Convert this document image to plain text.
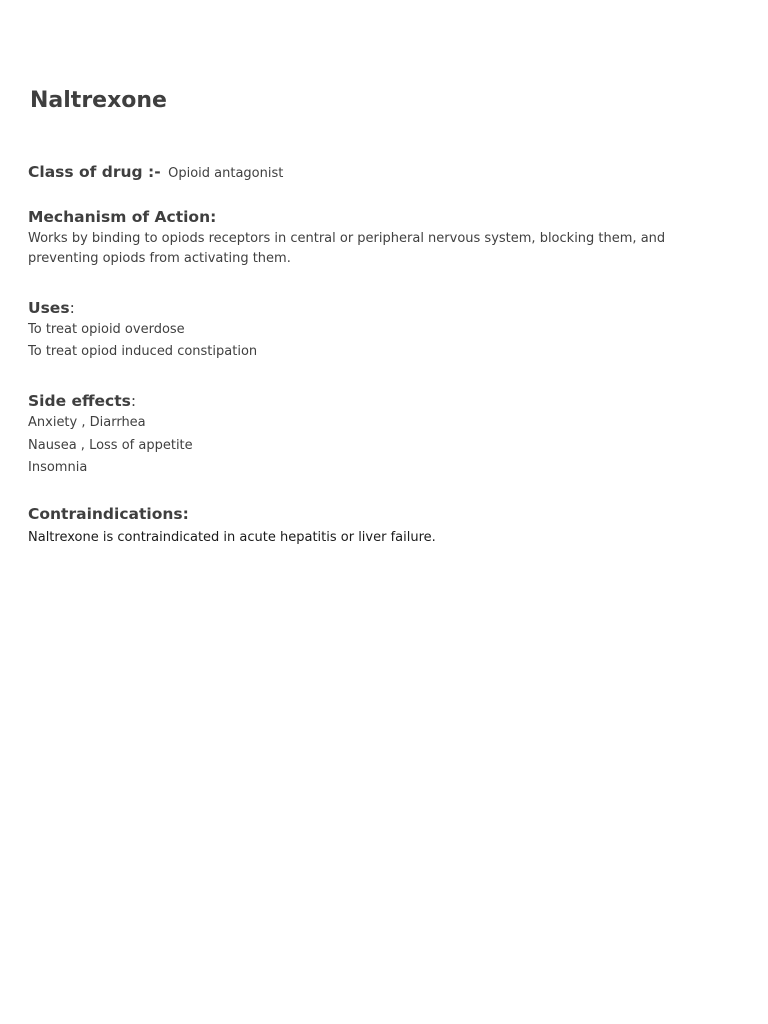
Naltrexone
Class of drug :- Opioid antagonist
Mechanism of Action:
Works by binding to opiods receptors in central or peripheral nervous system, blocking them, and
preventing opiods from activating them.
Uses:
To treat opioid overdose
To treat opiod induced constipation
Side effects:
Anxiety , Diarrhea
Nausea , Loss of appetite
Insomnia
Contraindications:
Naltrexone is contraindicated in acute hepatitis or liver failure.
